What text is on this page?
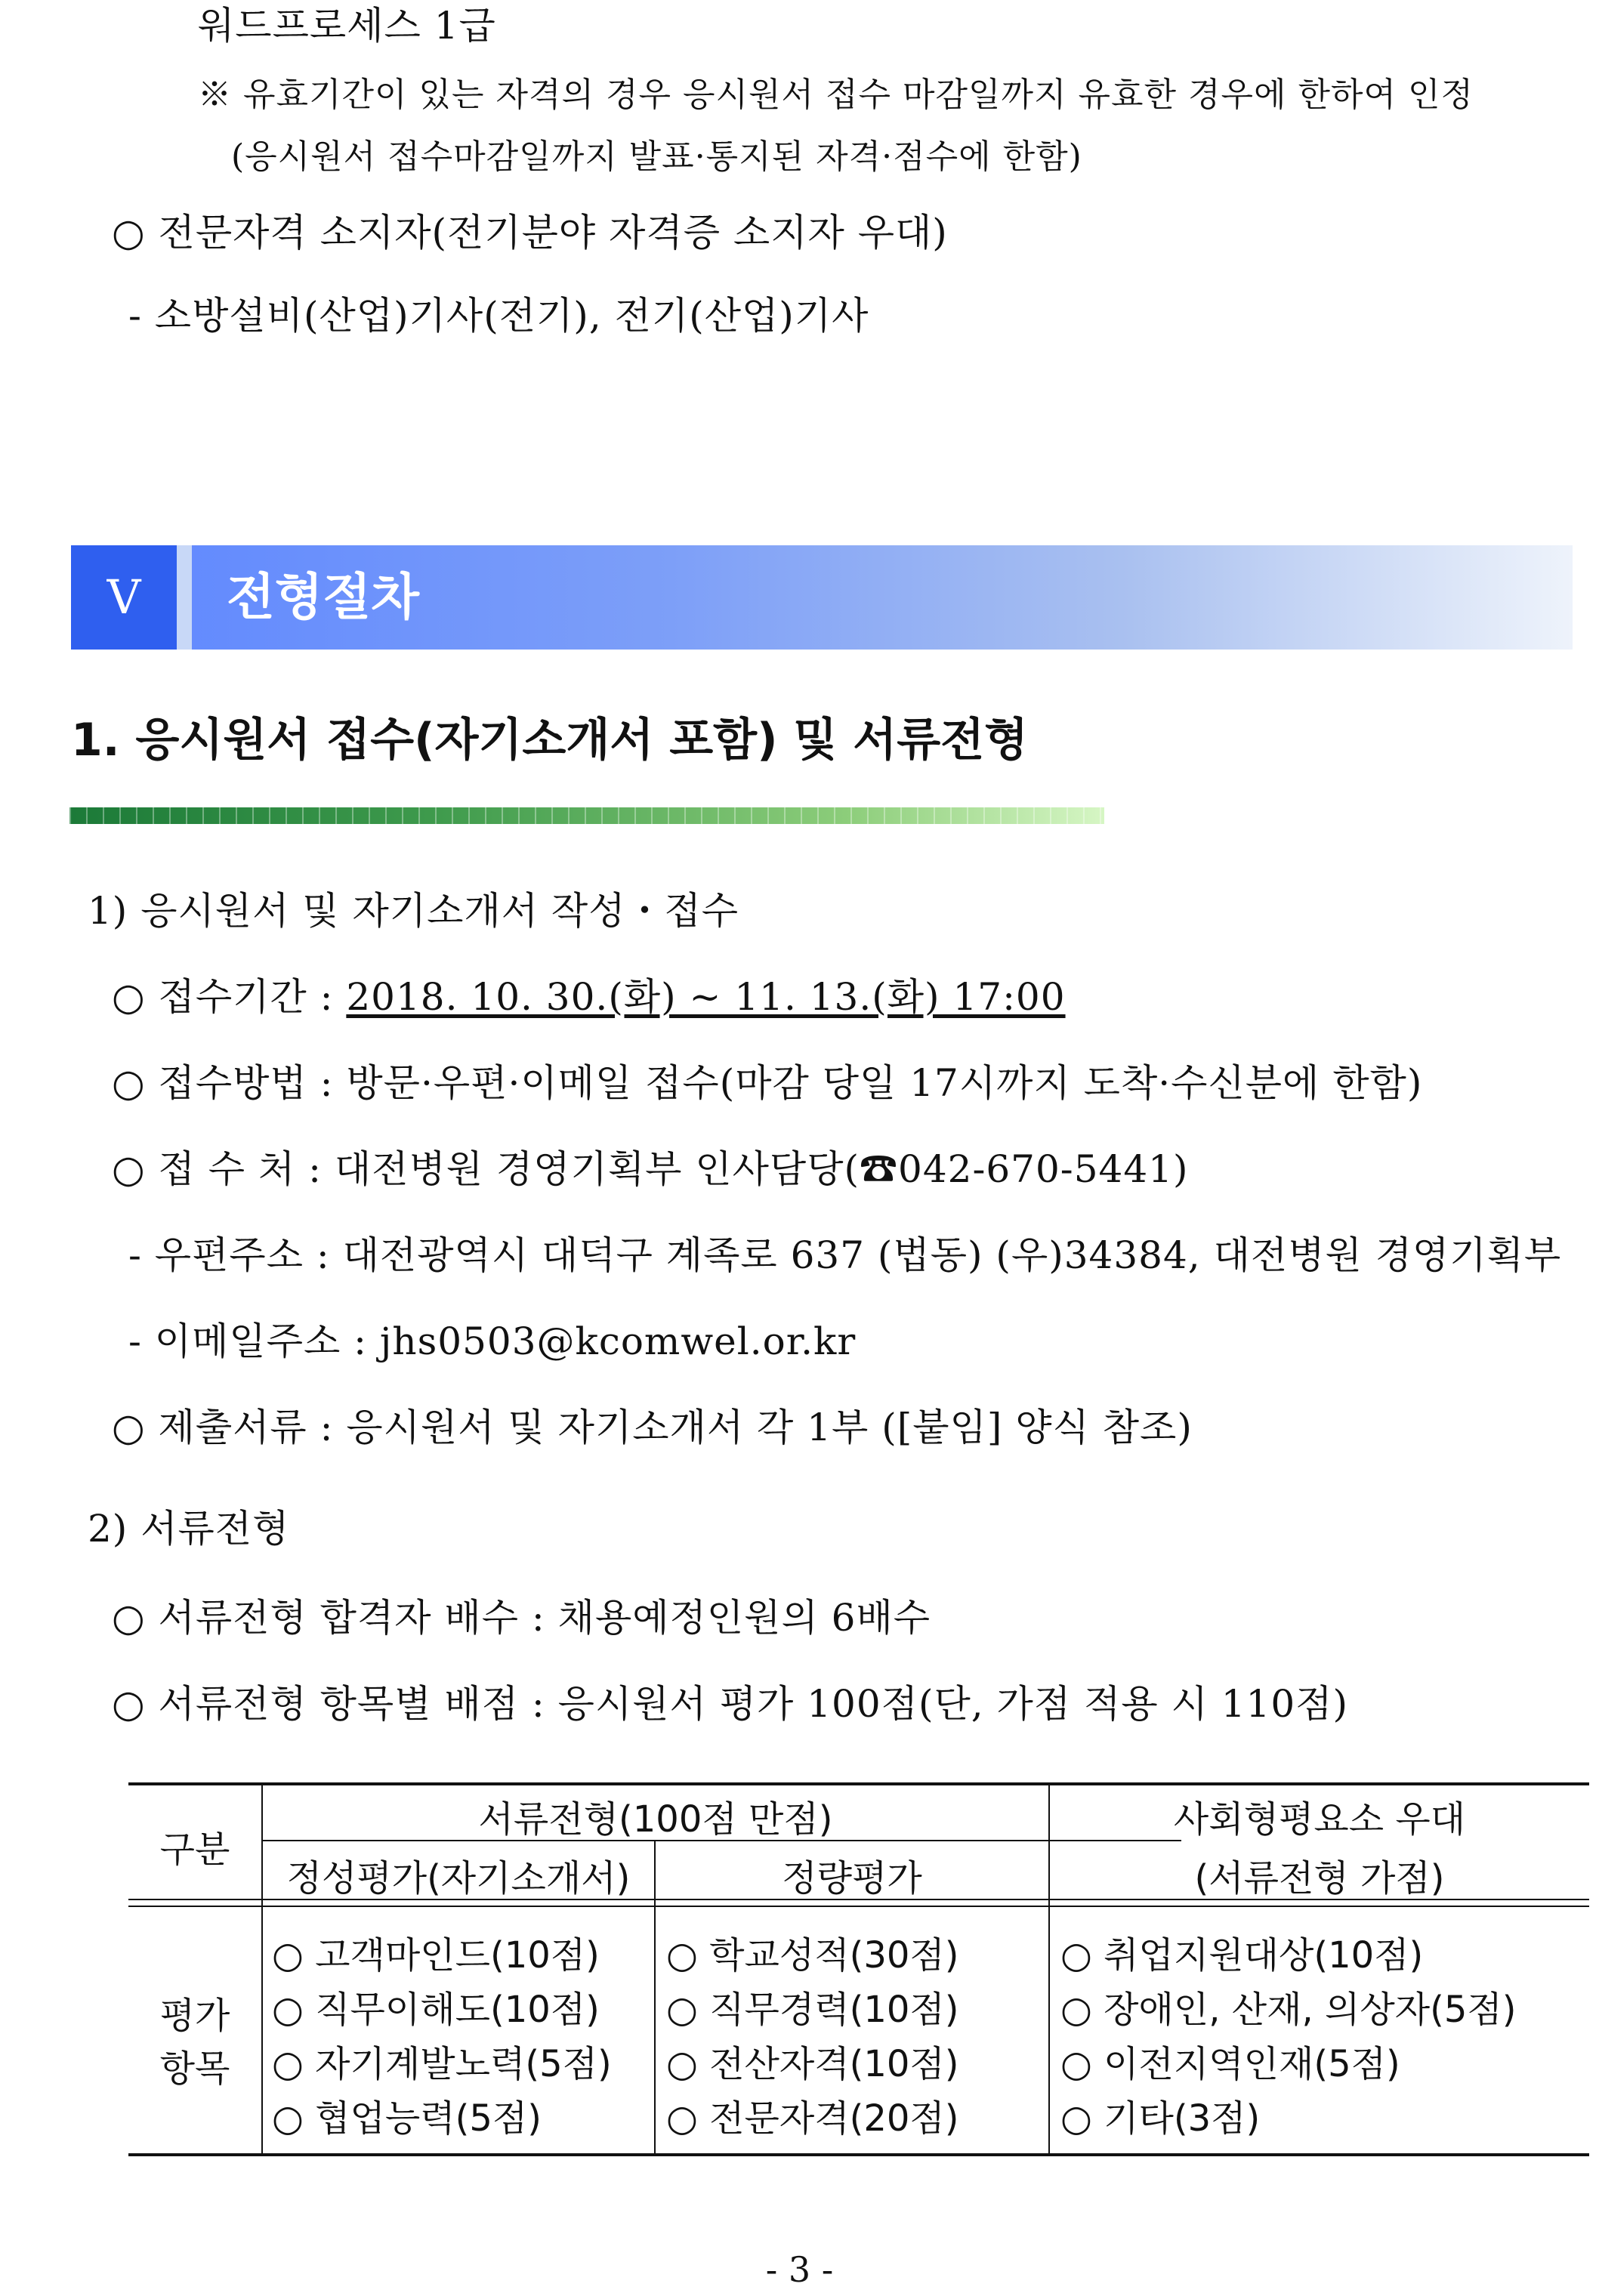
워드프로세스 1급
※ 유효기간이 있는 자격의 경우 응시원서 접수 마감일까지 유효한 경우에 한하여 인정
(응시원서 접수마감일까지 발표·통지된 자격·점수에 한함)
○ 전문자격 소지자(전기분야 자격증 소지자 우대)
- 소방설비(산업)기사(전기), 전기(산업)기사
Ⅴ	전형절차
1. 응시원서 접수(자기소개서 포함) 및 서류전형
1) 응시원서 및 자기소개서 작성・접수
○ 접수기간 : 2018. 10. 30.(화) ~ 11. 13.(화) 17:00
○ 접수방법 : 방문·우편·이메일 접수(마감 당일 17시까지 도착·수신분에 한함)
○ 접 수 처 : 대전병원 경영기획부 인사담당(☎042-670-5441)
- 우편주소 : 대전광역시 대덕구 계족로 637 (법동) (우)34384, 대전병원 경영기획부
- 이메일주소 : jhs0503@kcomwel.or.kr
○ 제출서류 : 응시원서 및 자기소개서 각 1부 ([붙임] 양식 참조)
2) 서류전형
○ 서류전형 합격자 배수 : 채용예정인원의 6배수
○ 서류전형 항목별 배점 : 응시원서 평가 100점(단, 가점 적용 시 110점)
구분
서류전형(100점 만점)
정성평가(자기소개서)	정량평가
사회형평요소 우대
(서류전형 가점)
평가
항목
○ 고객마인드(10점)
○ 직무이해도(10점)
○ 자기계발노력(5점)
○ 협업능력(5점)
○ 학교성적(30점)
○ 직무경력(10점)
○ 전산자격(10점)
○ 전문자격(20점)
○ 취업지원대상(10점)
○ 장애인, 산재, 의상자(5점)
○ 이전지역인재(5점)
○ 기타(3점)
- 3 -
